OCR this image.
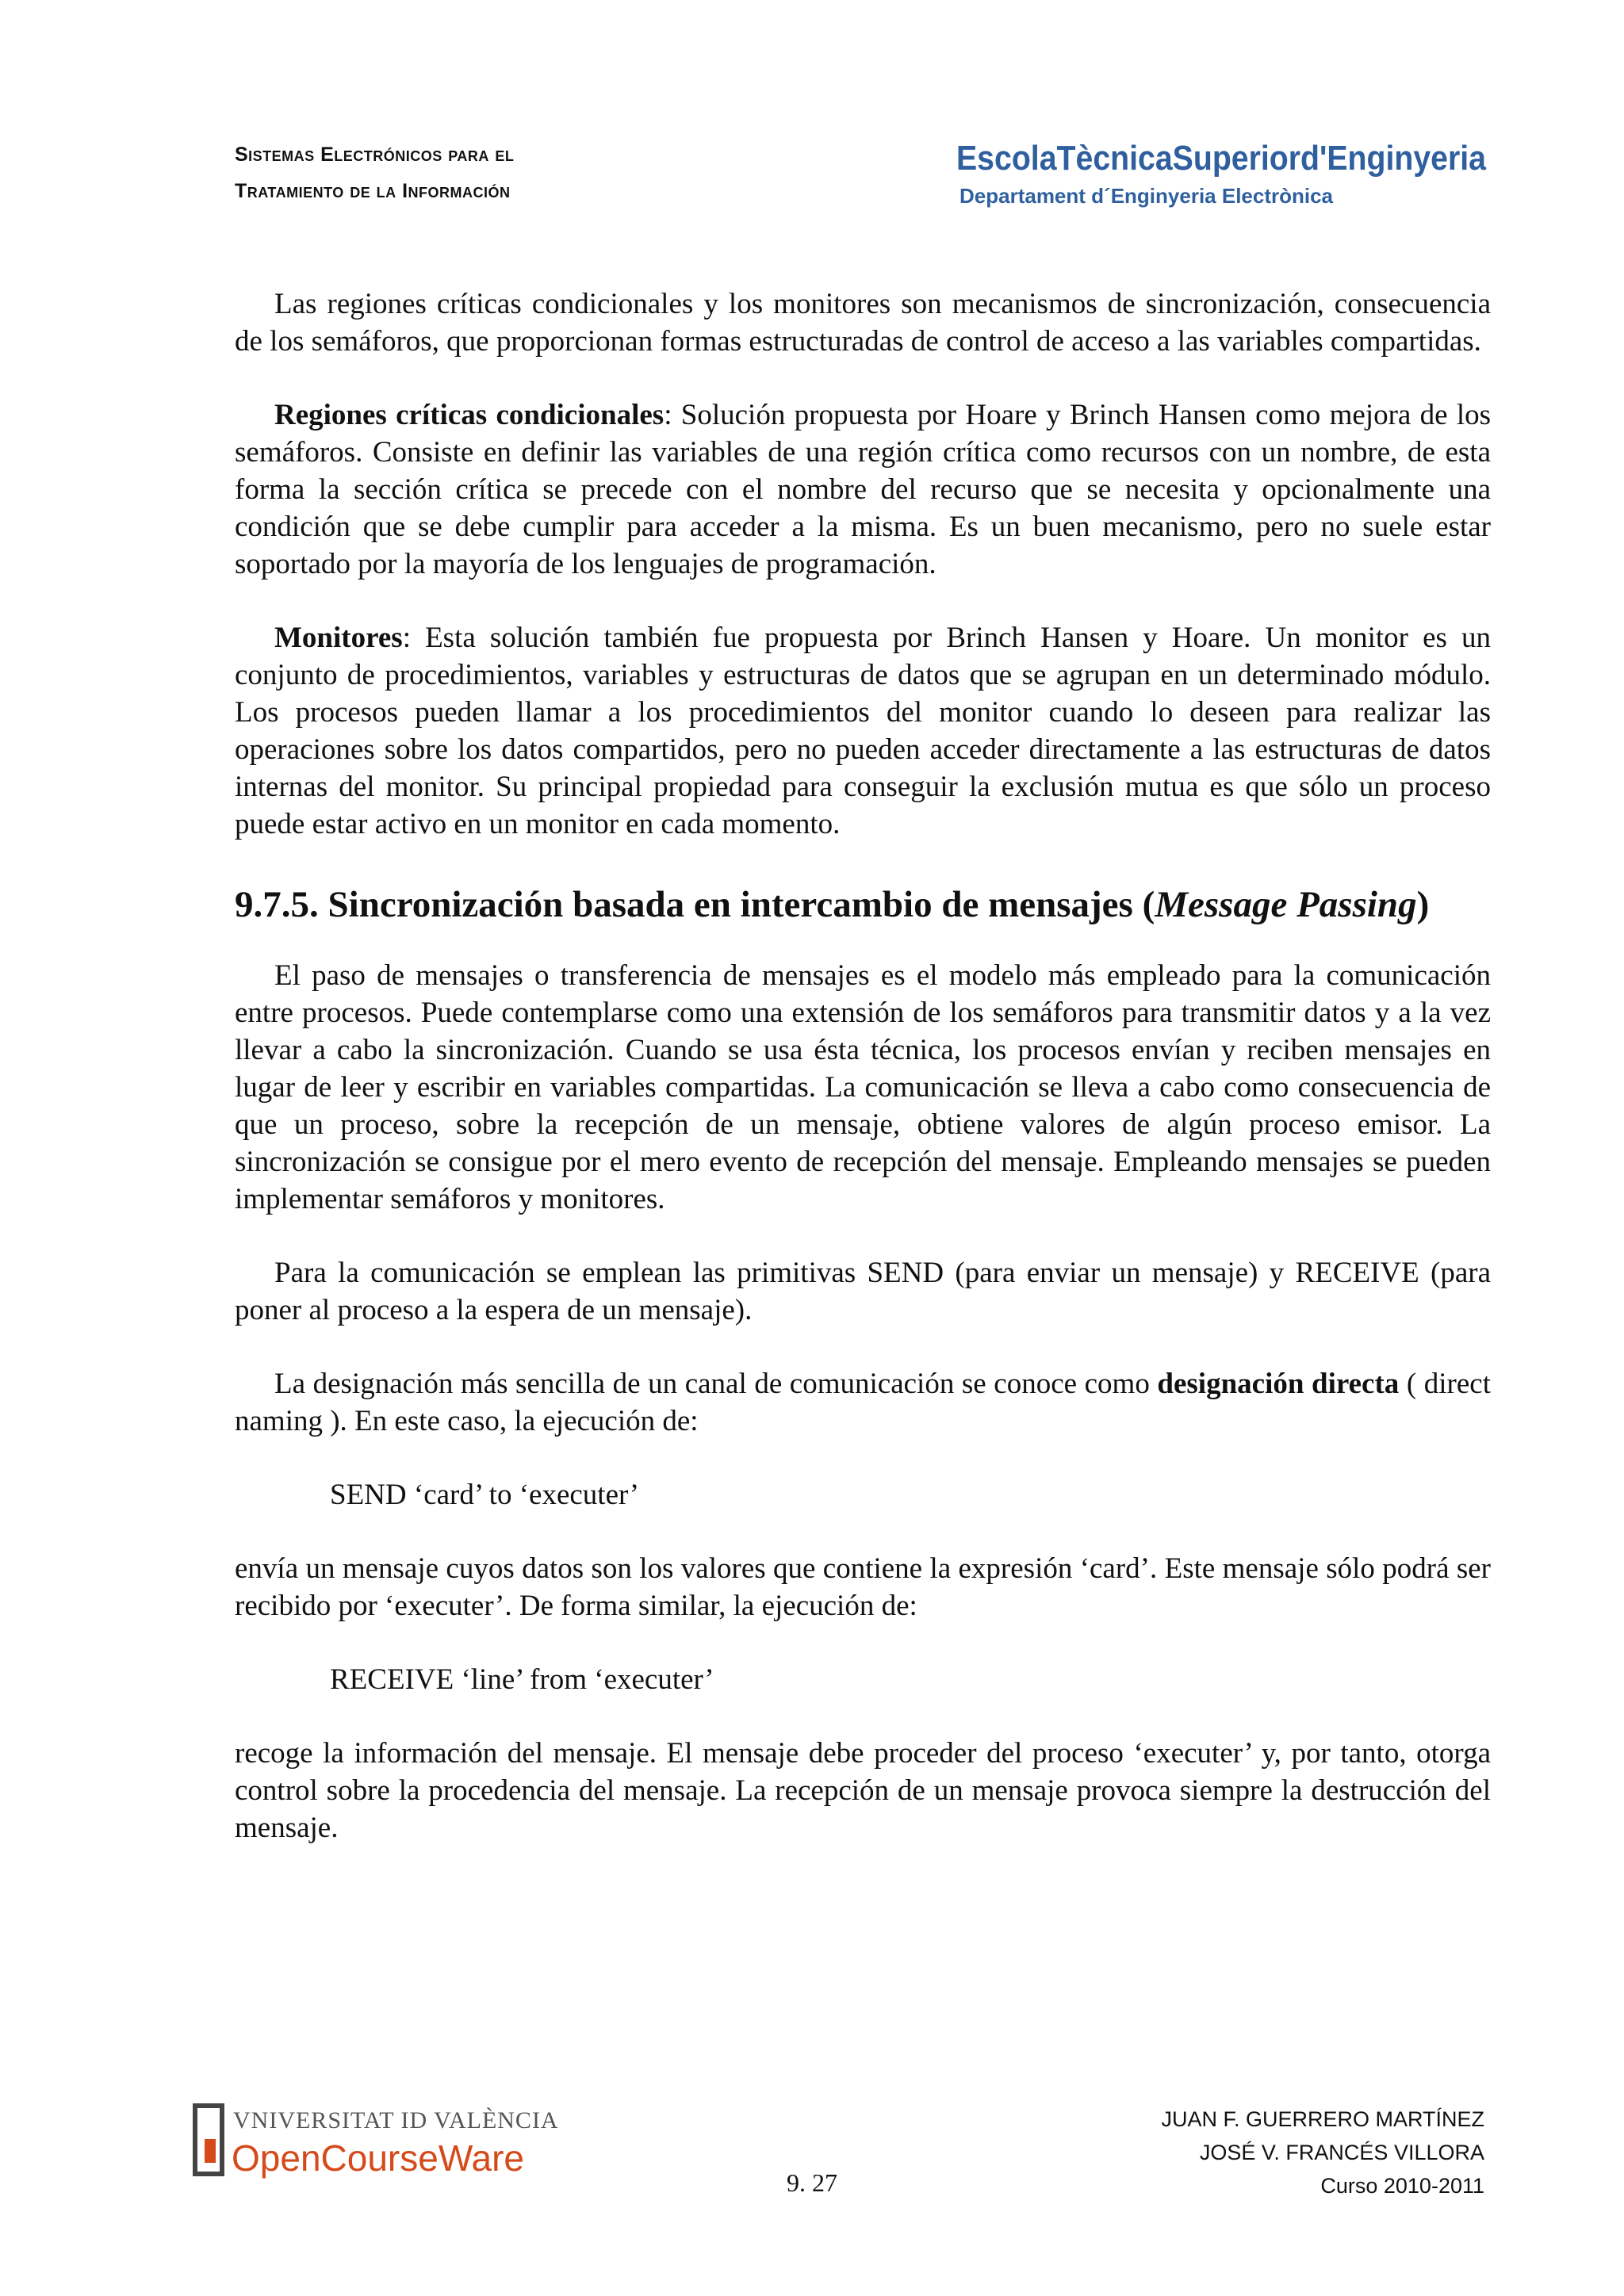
Sistemas Electrónicos para el
Tratamiento de la Información
EscolaTècnicaSuperiord'Enginyeria
Departament d´Enginyeria Electrònica

Las regiones críticas condicionales y los monitores son mecanismos de sincronización, consecuencia de los semáforos, que proporcionan formas estructuradas de control de acceso a las variables compartidas.

Regiones críticas condicionales: Solución propuesta por Hoare y Brinch Hansen como mejora de los semáforos. Consiste en definir las variables de una región crítica como recursos con un nombre, de esta forma la sección crítica se precede con el nombre del recurso que se necesita y opcionalmente una condición que se debe cumplir para acceder a la misma. Es un buen mecanismo, pero no suele estar soportado por la mayoría de los lenguajes de programación.

Monitores: Esta solución también fue propuesta por Brinch Hansen y Hoare. Un monitor es un conjunto de procedimientos, variables y estructuras de datos que se agrupan en un determinado módulo. Los procesos pueden llamar a los procedimientos del monitor cuando lo deseen para realizar las operaciones sobre los datos compartidos, pero no pueden acceder directamente a las estructuras de datos internas del monitor. Su principal propiedad para conseguir la exclusión mutua es que sólo un proceso puede estar activo en un monitor en cada momento.

9.7.5. Sincronización basada en intercambio de mensajes (Message Passing)

El paso de mensajes o transferencia de mensajes es el modelo más empleado para la comunicación entre procesos. Puede contemplarse como una extensión de los semáforos para transmitir datos y a la vez llevar a cabo la sincronización. Cuando se usa ésta técnica, los procesos envían y reciben mensajes en lugar de leer y escribir en variables compartidas. La comunicación se lleva a cabo como consecuencia de que un proceso, sobre la recepción de un mensaje, obtiene valores de algún proceso emisor. La sincronización se consigue por el mero evento de recepción del mensaje. Empleando mensajes se pueden implementar semáforos y monitores.

Para la comunicación se emplean las primitivas SEND (para enviar un mensaje) y RECEIVE (para poner al proceso a la espera de un mensaje).

La designación más sencilla de un canal de comunicación se conoce como designación directa ( direct naming ). En este caso, la ejecución de:

SEND ‘card’ to ‘executer’

envía un mensaje cuyos datos son los valores que contiene la expresión ‘card’. Este mensaje sólo podrá ser recibido por ‘executer’. De forma similar, la ejecución de:

RECEIVE ‘line’ from ‘executer’

recoge la información del mensaje. El mensaje debe proceder del proceso ‘executer’ y, por tanto, otorga control sobre la procedencia del mensaje. La recepción de un mensaje provoca siempre la destrucción del mensaje.

VNIVERSITAT ID VALÈNCIA
OpenCourseWare
9. 27
JUAN F. GUERRERO MARTÍNEZ
JOSÉ V. FRANCÉS VILLORA
Curso 2010-2011
